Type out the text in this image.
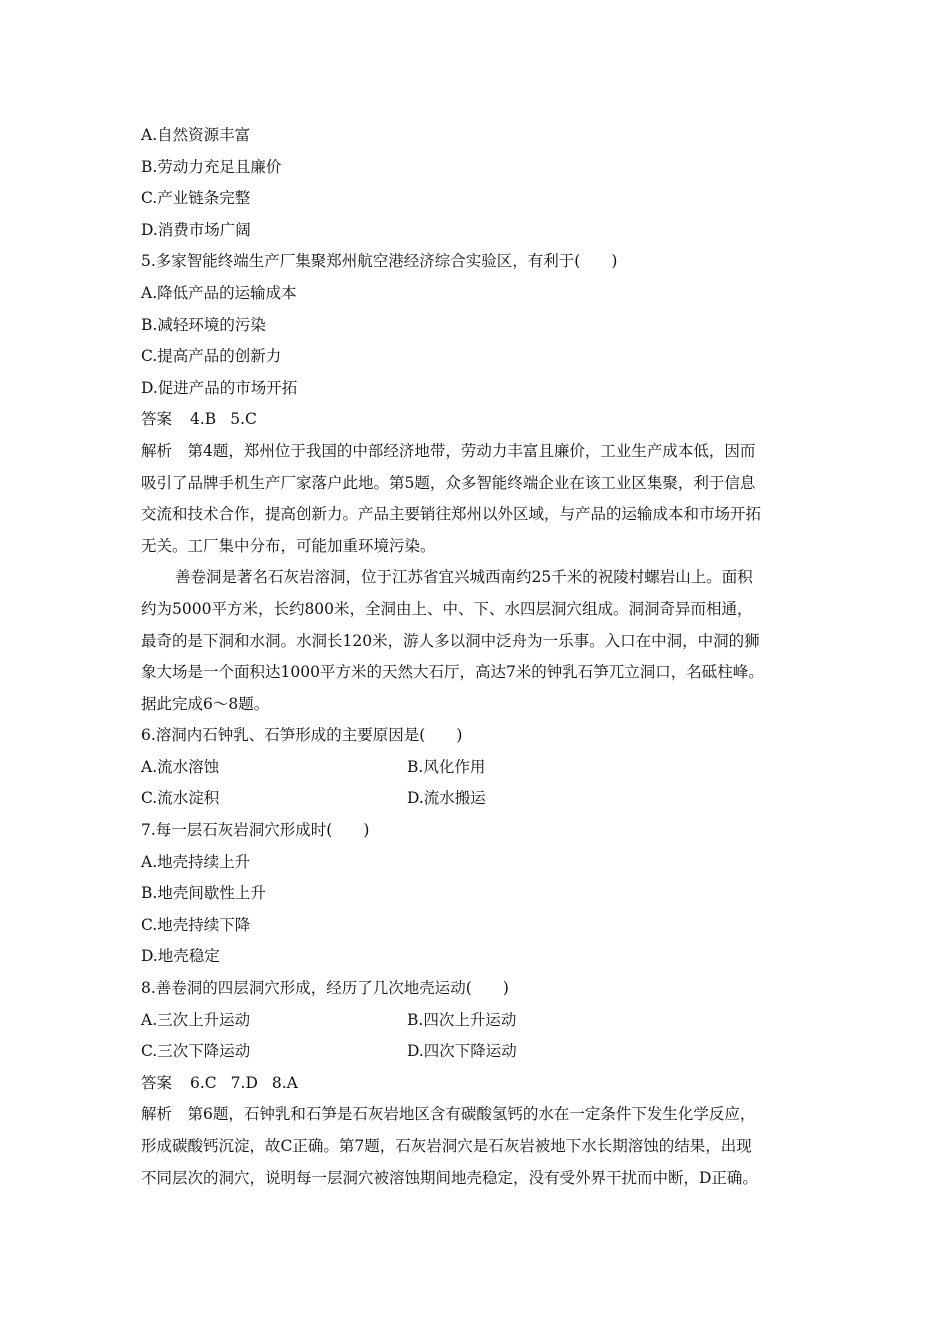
A.自然资源丰富
B.劳动力充足且廉价
C.产业链条完整
D.消费市场广阔
5.多家智能终端生产厂集聚郑州航空港经济综合实验区，有利于(　　)
A.降低产品的运输成本
B.减轻环境的污染
C.提高产品的创新力
D.促进产品的市场开拓
答案 4.B 5.C
解析　第4题，郑州位于我国的中部经济地带，劳动力丰富且廉价，工业生产成本低，因而
吸引了品牌手机生产厂家落户此地。第5题，众多智能终端企业在该工业区集聚，利于信息
交流和技术合作，提高创新力。产品主要销往郑州以外区域，与产品的运输成本和市场开拓
无关。工厂集中分布，可能加重环境污染。
善卷洞是著名石灰岩溶洞，位于江苏省宜兴城西南约25千米的祝陵村螺岩山上。面积
约为5000平方米，长约800米，全洞由上、中、下、水四层洞穴组成。洞洞奇异而相通，
最奇的是下洞和水洞。水洞长120米，游人多以洞中泛舟为一乐事。入口在中洞，中洞的狮
象大场是一个面积达1000平方米的天然大石厅，高达7米的钟乳石笋兀立洞口，名砥柱峰。
据此完成6～8题。
6.溶洞内石钟乳、石笋形成的主要原因是(　　)
A.流水溶蚀	B.风化作用
C.流水淀积	D.流水搬运
7.每一层石灰岩洞穴形成时(　　)
A.地壳持续上升
B.地壳间歇性上升
C.地壳持续下降
D.地壳稳定
8.善卷洞的四层洞穴形成，经历了几次地壳运动(　　)
A.三次上升运动	B.四次上升运动
C.三次下降运动	D.四次下降运动
答案 6.C 7.D 8.A
解析　第6题，石钟乳和石笋是石灰岩地区含有碳酸氢钙的水在一定条件下发生化学反应，
形成碳酸钙沉淀，故C正确。第7题，石灰岩洞穴是石灰岩被地下水长期溶蚀的结果，出现
不同层次的洞穴，说明每一层洞穴被溶蚀期间地壳稳定，没有受外界干扰而中断，D正确。
